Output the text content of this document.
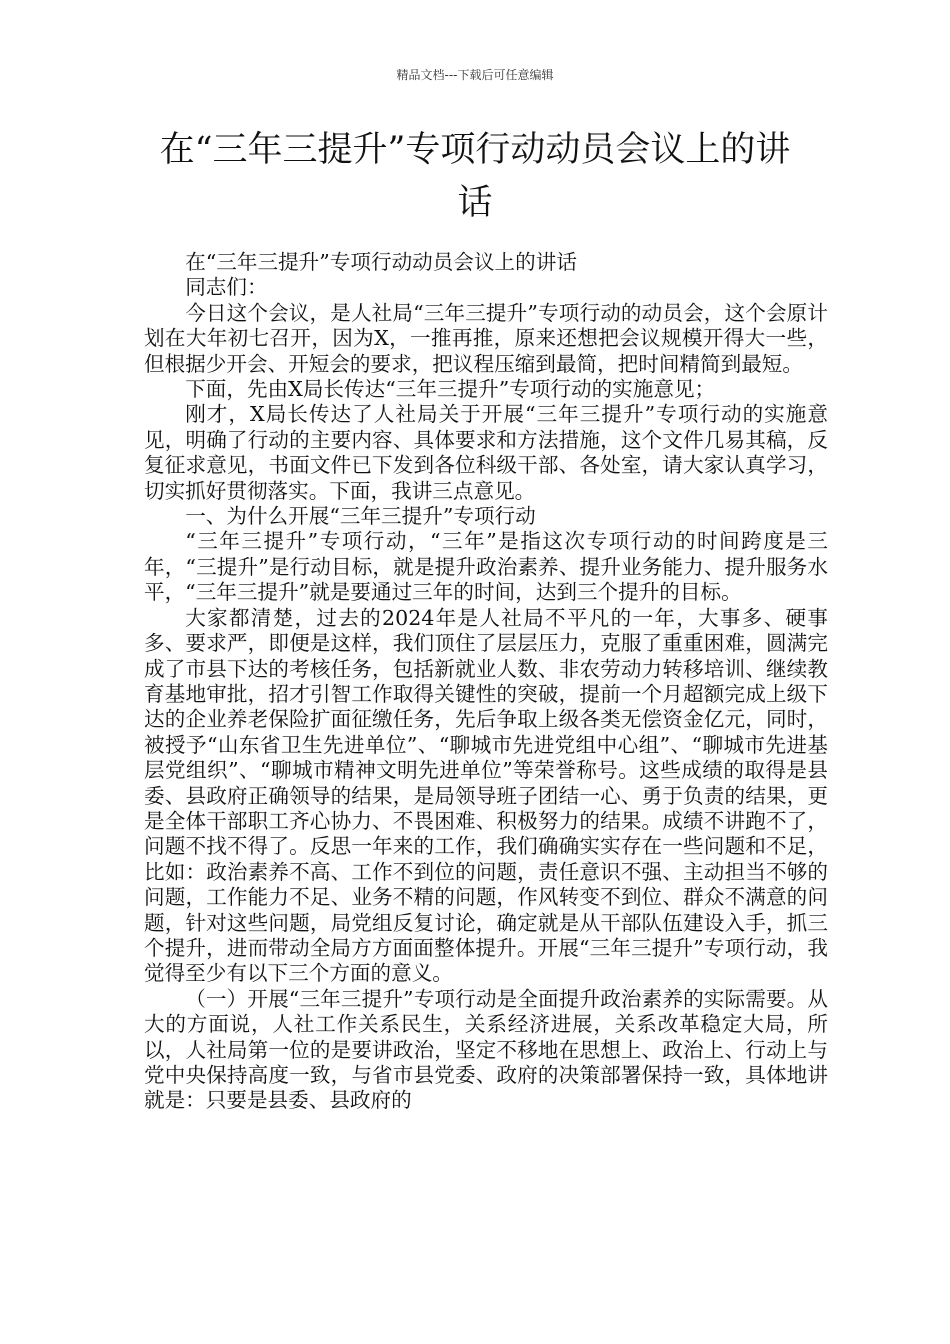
精品文档---下载后可任意编辑
在“三年三提升”专项行动动员会议上的讲话

在“三年三提升”专项行动动员会议上的讲话

同志们：

今日这个会议，是人社局“三年三提升”专项行动的动员会，这个会原计划在大年初七召开，因为X，一推再推，原来还想把会议规模开得大一些，但根据少开会、开短会的要求，把议程压缩到最简，把时间精简到最短。

下面，先由X局长传达“三年三提升”专项行动的实施意见；

刚才，X局长传达了人社局关于开展“三年三提升”专项行动的实施意见，明确了行动的主要内容、具体要求和方法措施，这个文件几易其稿，反复征求意见，书面文件已下发到各位科级干部、各处室，请大家认真学习，切实抓好贯彻落实。下面，我讲三点意见。

一、为什么开展“三年三提升”专项行动

“三年三提升”专项行动，“三年”是指这次专项行动的时间跨度是三年，“三提升”是行动目标，就是提升政治素养、提升业务能力、提升服务水平，“三年三提升”就是要通过三年的时间，达到三个提升的目标。

大家都清楚，过去的2024年是人社局不平凡的一年，大事多、硬事多、要求严，即便是这样，我们顶住了层层压力，克服了重重困难，圆满完成了市县下达的考核任务，包括新就业人数、非农劳动力转移培训、继续教育基地审批，招才引智工作取得关键性的突破，提前一个月超额完成上级下达的企业养老保险扩面征缴任务，先后争取上级各类无偿资金亿元，同时，被授予“山东省卫生先进单位”、“聊城市先进党组中心组”、“聊城市先进基层党组织”、“聊城市精神文明先进单位”等荣誉称号。这些成绩的取得是县委、县政府正确领导的结果，是局领导班子团结一心、勇于负责的结果，更是全体干部职工齐心协力、不畏困难、积极努力的结果。成绩不讲跑不了，问题不找不得了。反思一年来的工作，我们确确实实存在一些问题和不足，比如：政治素养不高、工作不到位的问题，责任意识不强、主动担当不够的问题，工作能力不足、业务不精的问题，作风转变不到位、群众不满意的问题，针对这些问题，局党组反复讨论，确定就是从干部队伍建设入手，抓三个提升，进而带动全局方方面面整体提升。开展“三年三提升”专项行动，我觉得至少有以下三个方面的意义。

（一）开展“三年三提升”专项行动是全面提升政治素养的实际需要。从大的方面说，人社工作关系民生，关系经济进展，关系改革稳定大局，所以，人社局第一位的是要讲政治，坚定不移地在思想上、政治上、行动上与党中央保持高度一致，与省市县党委、政府的决策部署保持一致，具体地讲就是：只要是县委、县政府的
